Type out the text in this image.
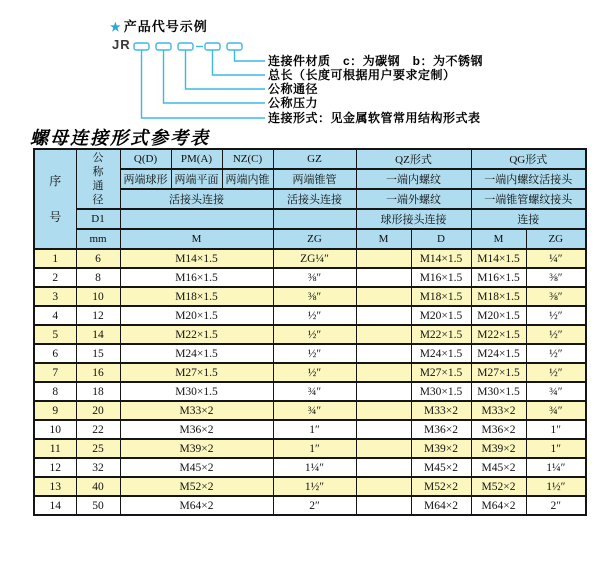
★ 产品代号示例
JR
连接件材质　c：为碳钢　b：为不锈钢
总长（长度可根据用户要求定制）
公称通径
公称压力
连接形式：见金属软管常用结构形式表
螺母连接形式参考表
序号	公称通径	Q(D)	PM(A)	NZ(C)	GZ	QZ形式		QG形式	
		两端球形	两端平面	两端内锥	两端锥管	一端内螺纹		一端内螺纹活接头	
		活接头连接			活接头连接	一端外螺纹		一端锥管螺纹接头	
	D1					球形接头连接		连接	
	mm	M			ZG	M	D	M	ZG
1	6	M14×1.5			ZG¼″		M14×1.5	M14×1.5	¼″
2	8	M16×1.5			⅜″		M16×1.5	M16×1.5	⅜″
3	10	M18×1.5			⅜″		M18×1.5	M18×1.5	⅜″
4	12	M20×1.5			½″		M20×1.5	M20×1.5	½″
5	14	M22×1.5			½″		M22×1.5	M22×1.5	½″
6	15	M24×1.5			½″		M24×1.5	M24×1.5	½″
7	16	M27×1.5			½″		M27×1.5	M27×1.5	½″
8	18	M30×1.5			¾″		M30×1.5	M30×1.5	¾″
9	20	M33×2			¾″		M33×2	M33×2	¾″
10	22	M36×2			1″		M36×2	M36×2	1″
11	25	M39×2			1″		M39×2	M39×2	1″
12	32	M45×2			1¼″		M45×2	M45×2	1¼″
13	40	M52×2			1½″		M52×2	M52×2	1½″
14	50	M64×2			2″		M64×2	M64×2	2″
